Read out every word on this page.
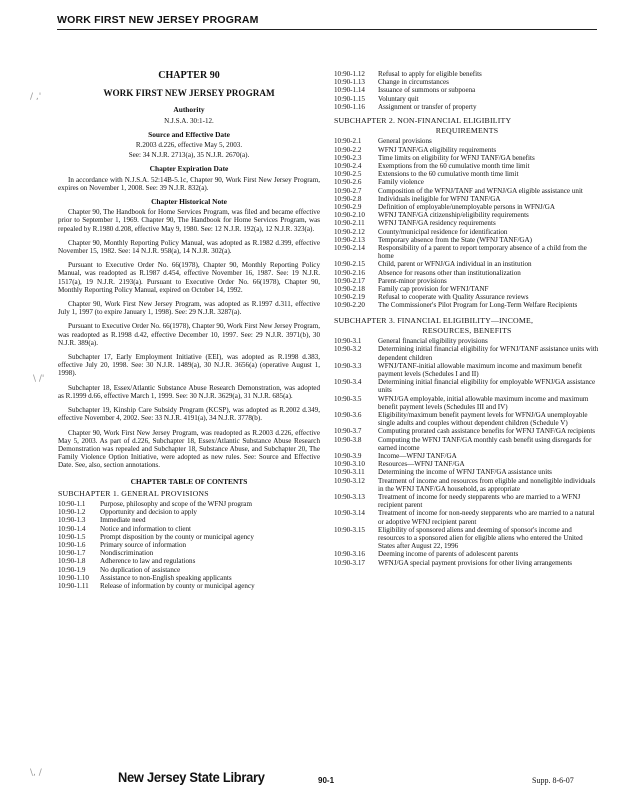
WORK FIRST NEW JERSEY PROGRAM
/ ,'
\ /'
\, /
CHAPTER 90
WORK FIRST NEW JERSEY PROGRAM
Authority
N.J.S.A. 30:1-12.
Source and Effective Date
R.2003 d.226, effective May 5, 2003.
See: 34 N.J.R. 2713(a), 35 N.J.R. 2670(a).
Chapter Expiration Date

In accordance with N.J.S.A. 52:14B-5.1c, Chapter 90, Work First New Jersey Program, expires on November 1, 2008. See: 39 N.J.R. 832(a).

Chapter Historical Note

Chapter 90, The Handbook for Home Services Program, was filed and became effective prior to September 1, 1969. Chapter 90, The Handbook for Home Services Program, was repealed by R.1980 d.208, effective May 9, 1980. See: 12 N.J.R. 192(a), 12 N.J.R. 323(a).

Chapter 90, Monthly Reporting Policy Manual, was adopted as R.1982 d.399, effective November 15, 1982. See: 14 N.J.R. 958(a), 14 N.J.R. 302(a).

Pursuant to Executive Order No. 66(1978), Chapter 90, Monthly Reporting Policy Manual, was readopted as R.1987 d.454, effective November 16, 1987. See: 19 N.J.R. 1517(a), 19 N.J.R. 2193(a). Pursuant to Executive Order No. 66(1978), Chapter 90, Monthly Reporting Policy Manual, expired on October 14, 1992.

Chapter 90, Work First New Jersey Program, was adopted as R.1997 d.311, effective July 1, 1997 (to expire January 1, 1998). See: 29 N.J.R. 3287(a).

Pursuant to Executive Order No. 66(1978), Chapter 90, Work First New Jersey Program, was readopted as R.1998 d.42, effective December 10, 1997. See: 29 N.J.R. 3971(b), 30 N.J.R. 389(a).

Subchapter 17, Early Employment Initiative (EEI), was adopted as R.1998 d.383, effective July 20, 1998. See: 30 N.J.R. 1489(a), 30 N.J.R. 3656(a) (operative August 1, 1998).

Subchapter 18, Essex/Atlantic Substance Abuse Research Demonstration, was adopted as R.1999 d.66, effective March 1, 1999. See: 30 N.J.R. 3629(a), 31 N.J.R. 685(a).

Subchapter 19, Kinship Care Subsidy Program (KCSP), was adopted as R.2002 d.349, effective November 4, 2002. See: 33 N.J.R. 4191(a), 34 N.J.R. 3778(b).

Chapter 90, Work First New Jersey Program, was readopted as R.2003 d.226, effective May 5, 2003. As part of d.226, Subchapter 18, Essex/Atlantic Substance Abuse Research Demonstration was repealed and Subchapter 18, Substance Abuse, and Subchapter 20, The Family Violence Option Initiative, were adopted as new rules. See: Source and Effective Date. See, also, section annotations.

CHAPTER TABLE OF CONTENTS
SUBCHAPTER 1. GENERAL PROVISIONS
10:90-1.1	Purpose, philosophy and scope of the WFNJ program
10:90-1.2	Opportunity and decision to apply
10:90-1.3	Immediate need
10:90-1.4	Notice and information to client
10:90-1.5	Prompt disposition by the county or municipal agency
10:90-1.6	Primary source of information
10:90-1.7	Nondiscrimination
10:90-1.8	Adherence to law and regulations
10:90-1.9	No duplication of assistance
10:90-1.10	Assistance to non-English speaking applicants
10:90-1.11	Release of information by county or municipal agency
10:90-1.12	Refusal to apply for eligible benefits
10:90-1.13	Change in circumstances
10:90-1.14	Issuance of summons or subpoena
10:90-1.15	Voluntary quit
10:90-1.16	Assignment or transfer of property
SUBCHAPTER 2. NON-FINANCIAL ELIGIBILITY
REQUIREMENTS
10:90-2.1	General provisions
10:90-2.2	WFNJ TANF/GA eligibility requirements
10:90-2.3	Time limits on eligibility for WFNJ TANF/GA benefits
10:90-2.4	Exemptions from the 60 cumulative month time limit
10:90-2.5	Extensions to the 60 cumulative month time limit
10:90-2.6	Family violence
10:90-2.7	Composition of the WFNJ/TANF and WFNJ/GA eligible assistance unit
10:90-2.8	Individuals ineligible for WFNJ TANF/GA
10:90-2.9	Definition of employable/unemployable persons in WFNJ/GA
10:90-2.10	WFNJ TANF/GA citizenship/eligibility requirements
10:90-2.11	WFNJ TANF/GA residency requirements
10:90-2.12	County/municipal residence for identification
10:90-2.13	Temporary absence from the State (WFNJ TANF/GA)
10:90-2.14	Responsibility of a parent to report temporary absence of a child from the home
10:90-2.15	Child, parent or WFNJ/GA individual in an institution
10:90-2.16	Absence for reasons other than institutionalization
10:90-2.17	Parent-minor provisions
10:90-2.18	Family cap provision for WFNJ/TANF
10:90-2.19	Refusal to cooperate with Quality Assurance reviews
10:90-2.20	The Commissioner's Pilot Program for Long-Term Welfare Recipients
SUBCHAPTER 3. FINANCIAL ELIGIBILITY—INCOME,
RESOURCES, BENEFITS
10:90-3.1	General financial eligibility provisions
10:90-3.2	Determining initial financial eligibility for WFNJ/TANF assistance units with dependent children
10:90-3.3	WFNJ/TANF-initial allowable maximum income and maximum benefit payment levels (Schedules I and II)
10:90-3.4	Determining initial financial eligibility for employable WFNJ/GA assistance units
10:90-3.5	WFNJ/GA employable, initial allowable maximum income and maximum benefit payment levels (Schedules III and IV)
10:90-3.6	Eligibility/maximum benefit payment levels for WFNJ/GA unemployable single adults and couples without dependent children (Schedule V)
10:90-3.7	Computing prorated cash assistance benefits for WFNJ TANF/GA recipients
10:90-3.8	Computing the WFNJ TANF/GA monthly cash benefit using disregards for earned income
10:90-3.9	Income—WFNJ TANF/GA
10:90-3.10	Resources—WFNJ TANF/GA
10:90-3.11	Determining the income of WFNJ TANF/GA assistance units
10:90-3.12	Treatment of income and resources from eligible and noneligible individuals in the WFNJ TANF/GA household, as appropriate
10:90-3.13	Treatment of income for needy stepparents who are married to a WFNJ recipient parent
10:90-3.14	Treatment of income for non-needy stepparents who are married to a natural or adoptive WFNJ recipient parent
10:90-3.15	Eligibility of sponsored aliens and deeming of sponsor's income and resources to a sponsored alien for eligible aliens who entered the United States after August 22, 1996
10:90-3.16	Deeming income of parents of adolescent parents
10:90-3.17	WFNJ/GA special payment provisions for other living arrangements
New Jersey State Library	90-1	Supp. 8-6-07
